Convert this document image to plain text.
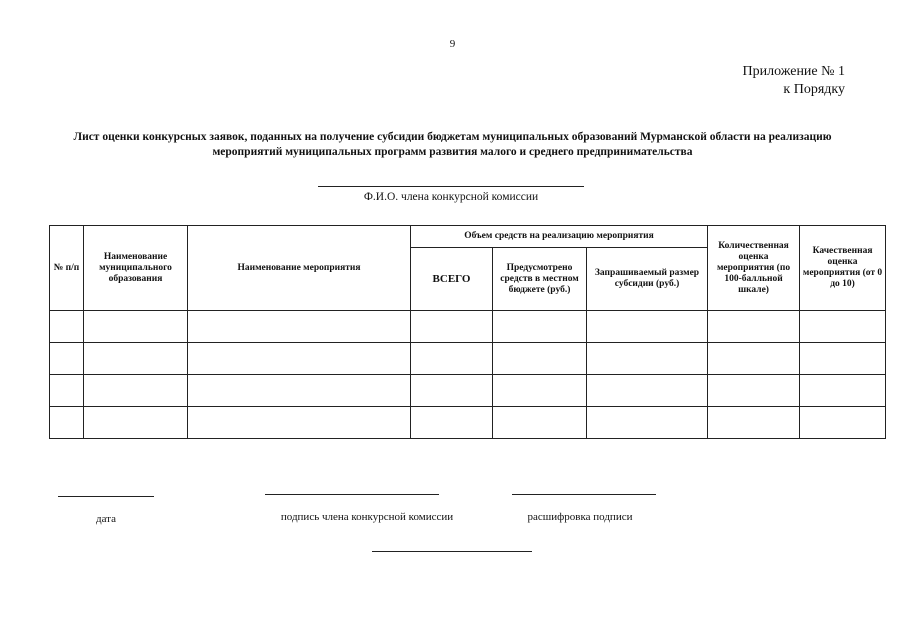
9
Приложение № 1
к Порядку
Лист оценки конкурсных заявок, поданных на получение субсидии бюджетам муниципальных образований Мурманской области на реализацию мероприятий муниципальных программ развития малого и среднего предпринимательства
Ф.И.О. члена конкурсной комиссии
№ п/п	Наименование муниципального образования	Наименование мероприятия	Объем средств на реализацию мероприятия			Количественная оценка мероприятия (по 100-балльной шкале)	Качественная оценка мероприятия (от 0 до 10)
			ВСЕГО	Предусмотрено средств в местном бюджете (руб.)	Запрашиваемый размер субсидии (руб.)		

дата	подпись члена конкурсной комиссии	расшифровка подписи
